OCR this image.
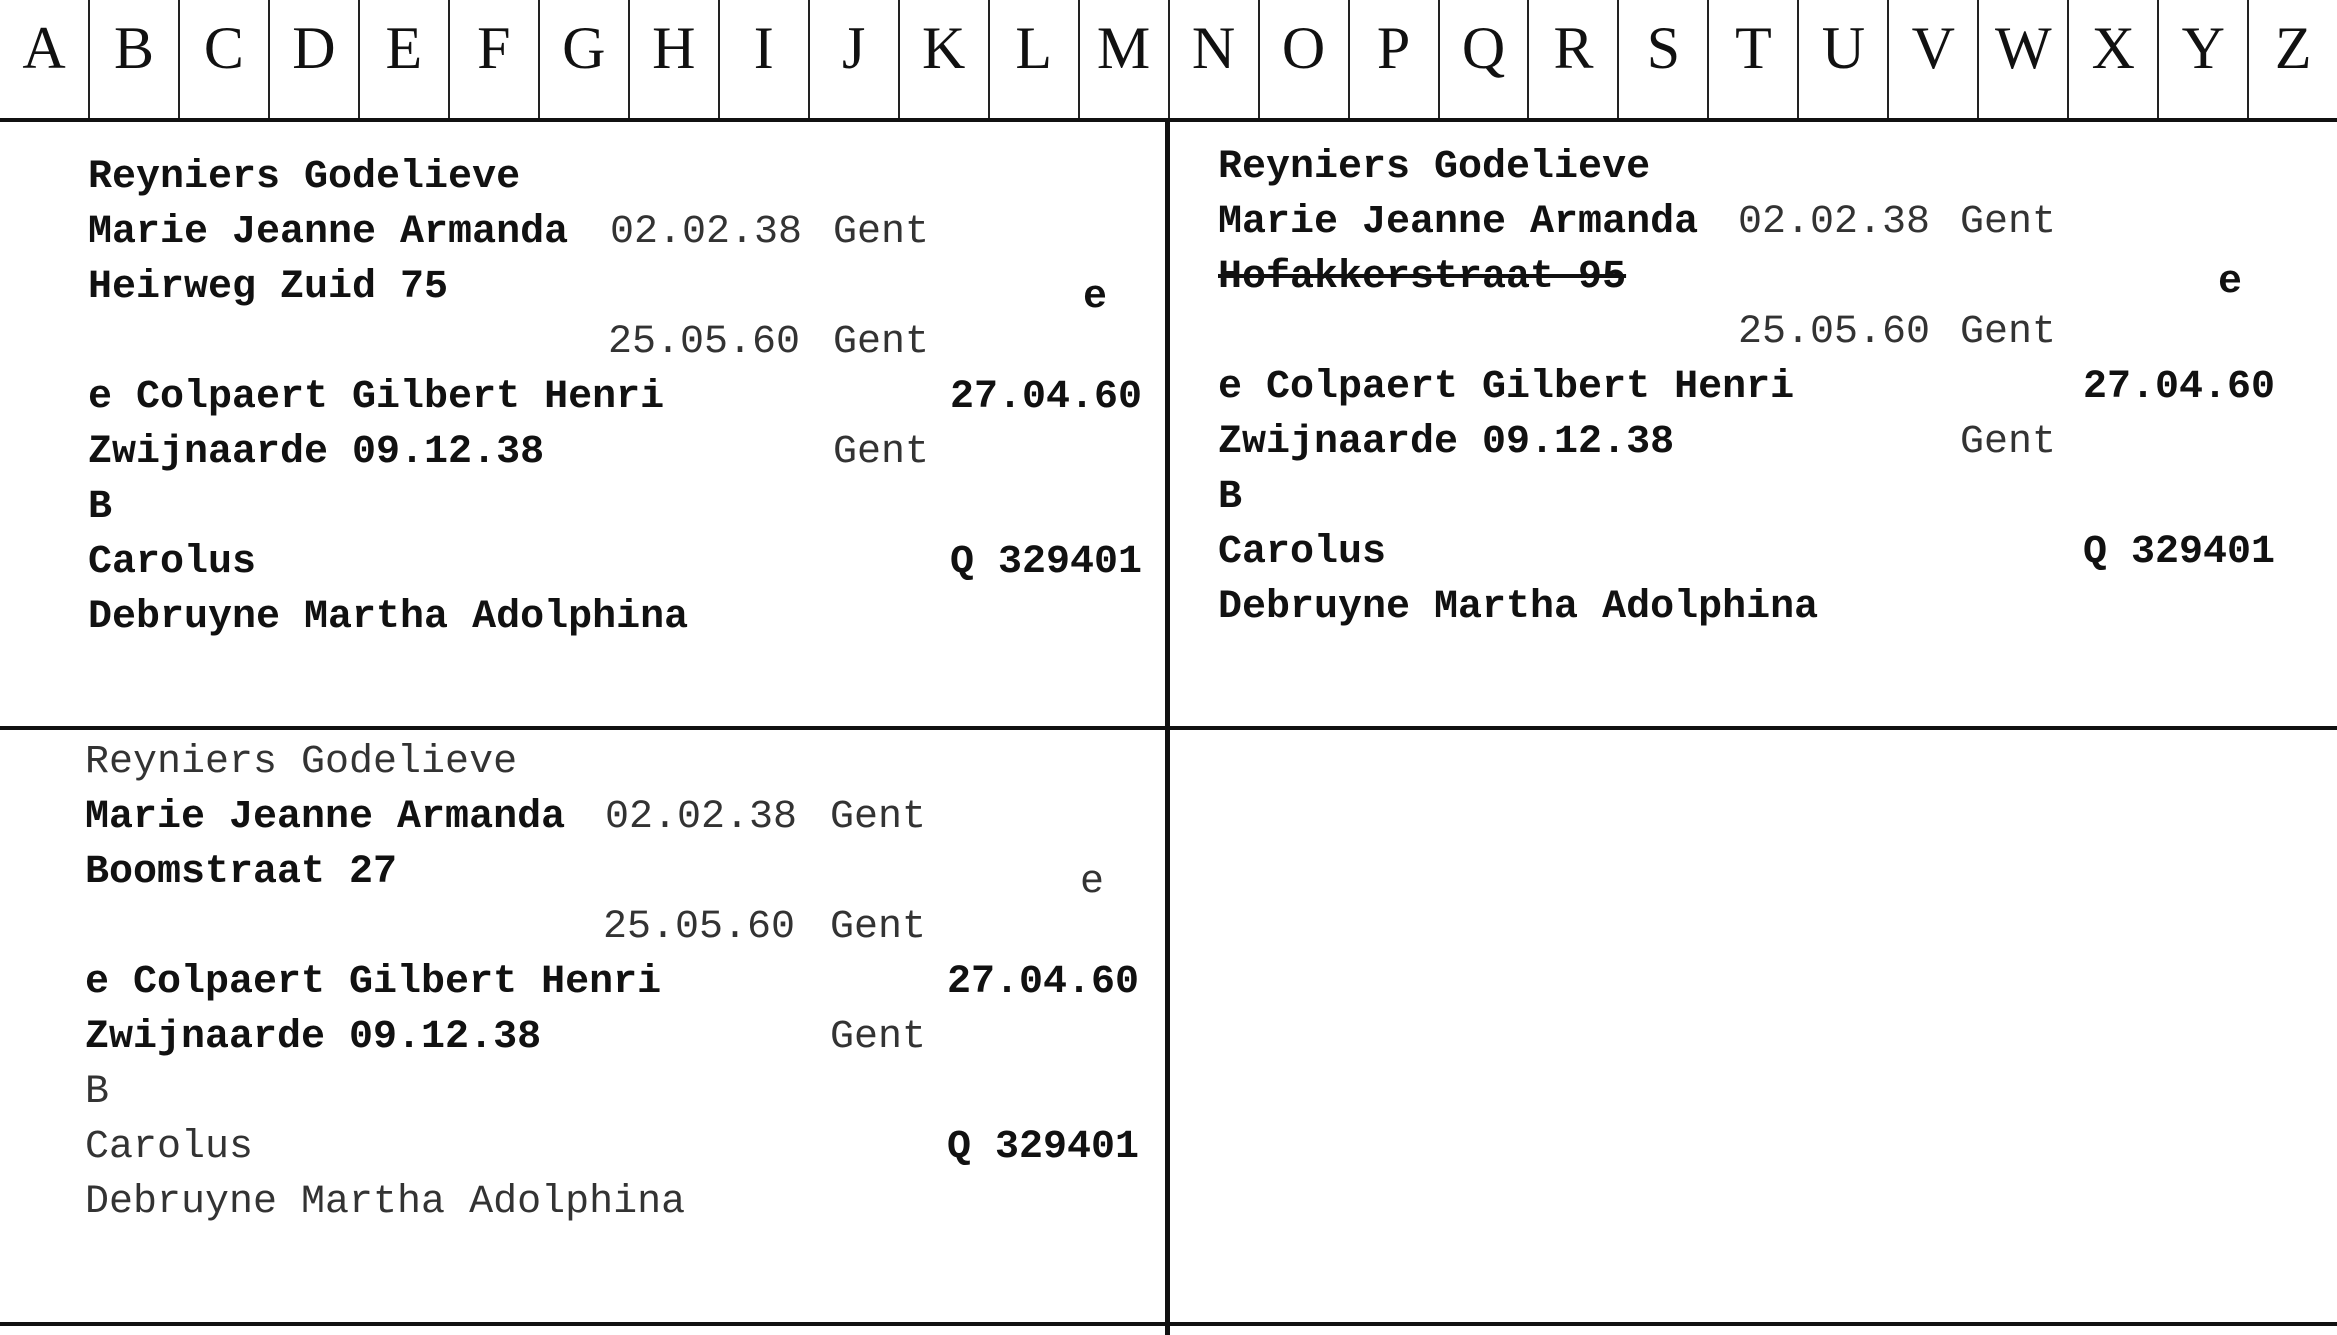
A B C D E F G H I	J K L M N O P Q R S T U V W X Y Z
Reyniers Godelieve
Marie Jeanne Armanda 02.02.38 Gent
Heirweg Zuid 75	e
25.05.60 Gent
e Colpaert Gilbert Henri	27.04.60
Zwijnaarde 09.12.38	Gent
B
Carolus	Q 329401
Debruyne Martha Adolphina
Reyniers Godelieve
Marie Jeanne Armanda 02.02.38 Gent
Hofakkerstraat 95	e
25.05.60 Gent
e Colpaert Gilbert Henri	27.04.60
Zwijnaarde 09.12.38	Gent
B
Carolus	Q 329401
Debruyne Martha Adolphina
Reyniers Godelieve
Marie Jeanne Armanda 02.02.38 Gent
Boomstraat 27	e
25.05.60 Gent
e Colpaert Gilbert Henri	27.04.60
Zwijnaarde 09.12.38	Gent
B
Carolus	Q 329401
Debruyne Martha Adolphina
